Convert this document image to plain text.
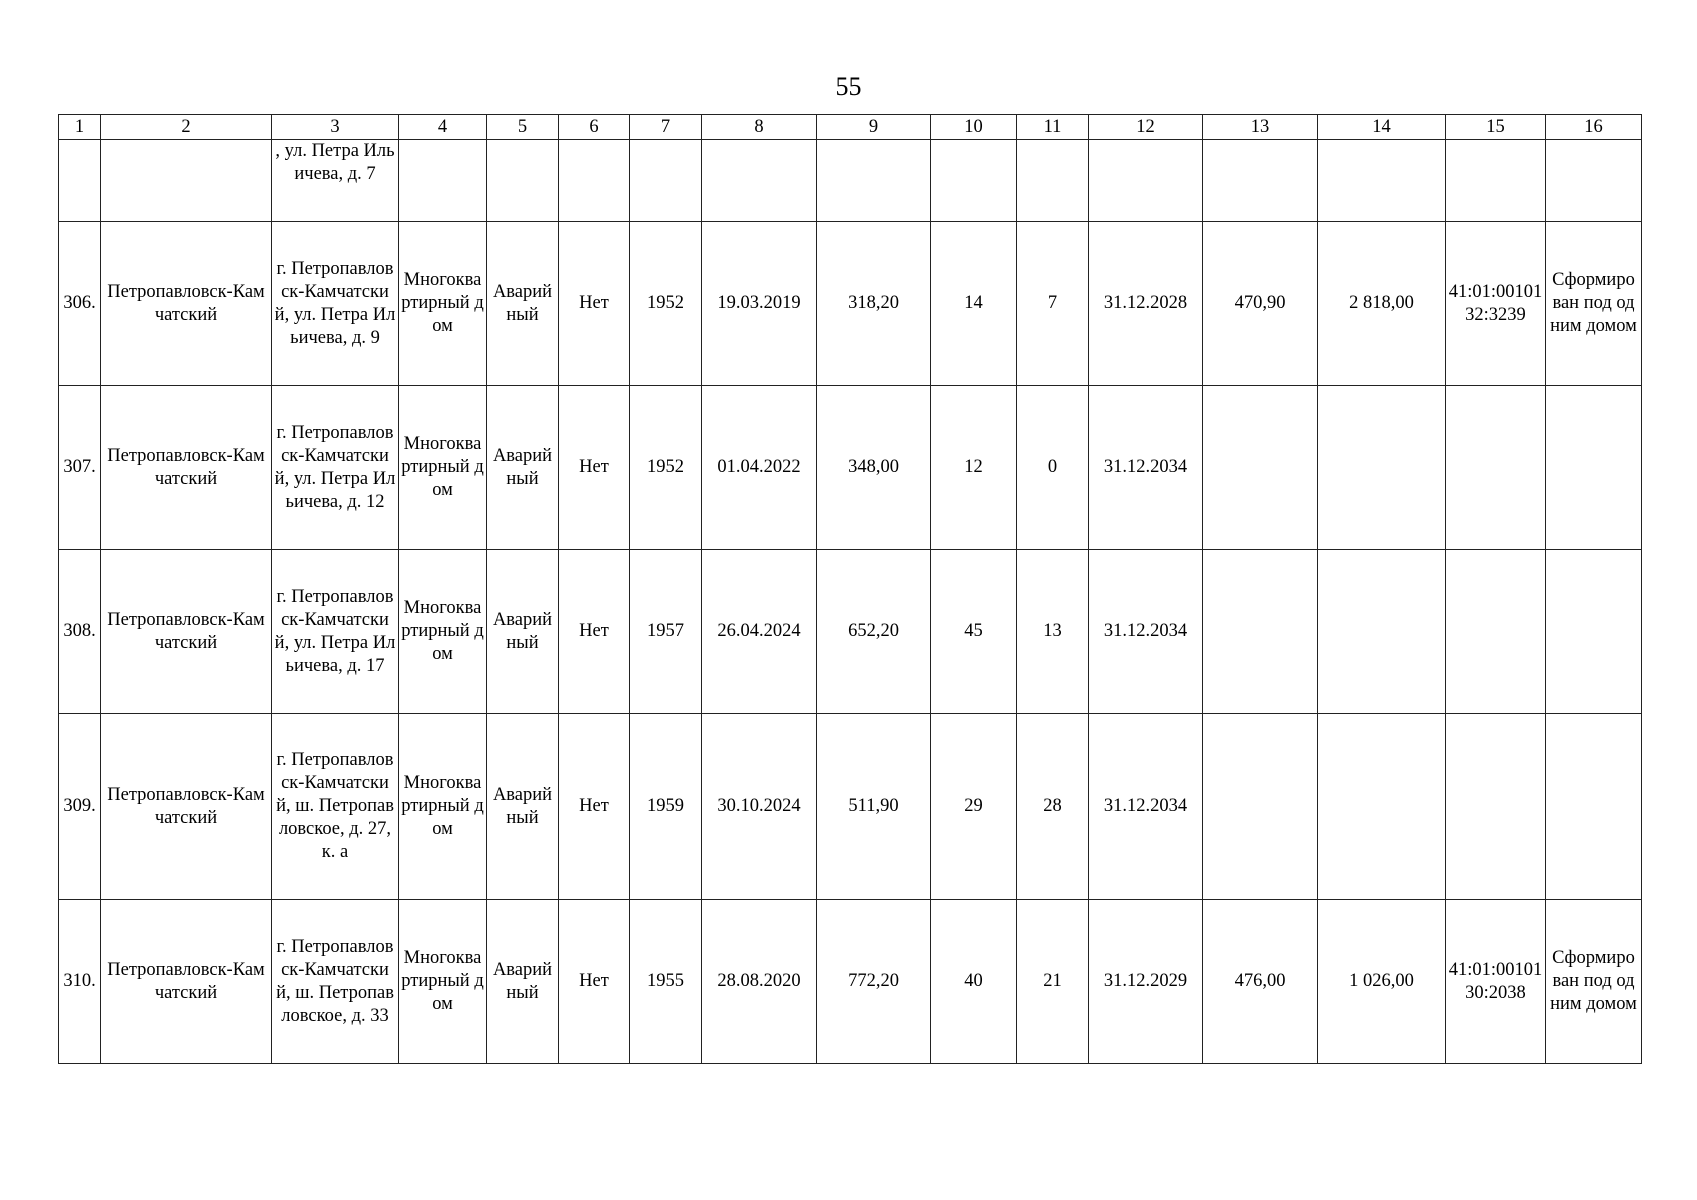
55
1	2	3	4	5	6	7	8	9	10	11	12	13	14	15	16
		, ул. Петра Ильичева, д. 7													
306.	Петропавловск-Камчатский	г. Петропавловск-Камчатский, ул. Петра Ильичева, д. 9	Многоквартирный дом	Аварийный	Нет	1952	19.03.2019	318,20	14	7	31.12.2028	470,90	2 818,00	41:01:0010132:3239	Сформирован под одним домом
307.	Петропавловск-Камчатский	г. Петропавловск-Камчатский, ул. Петра Ильичева, д. 12	Многоквартирный дом	Аварийный	Нет	1952	01.04.2022	348,00	12	0	31.12.2034				
308.	Петропавловск-Камчатский	г. Петропавловск-Камчатский, ул. Петра Ильичева, д. 17	Многоквартирный дом	Аварийный	Нет	1957	26.04.2024	652,20	45	13	31.12.2034				
309.	Петропавловск-Камчатский	г. Петропавловск-Камчатский, ш. Петропавловское, д. 27, к. а	Многоквартирный дом	Аварийный	Нет	1959	30.10.2024	511,90	29	28	31.12.2034				
310.	Петропавловск-Камчатский	г. Петропавловск-Камчатский, ш. Петропавловское, д. 33	Многоквартирный дом	Аварийный	Нет	1955	28.08.2020	772,20	40	21	31.12.2029	476,00	1 026,00	41:01:0010130:2038	Сформирован под одним домом
